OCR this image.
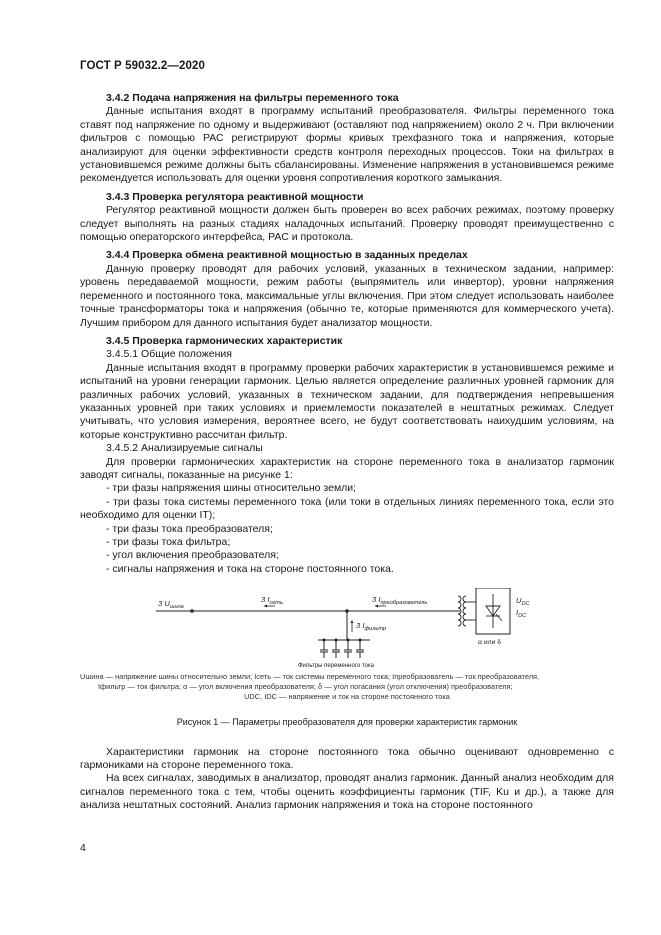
ГОСТ Р 59032.2—2020

3.4.2 Подача напряжения на фильтры переменного тока

Данные испытания входят в программу испытаний преобразователя. Фильтры переменного тока ставят под напряжение по одному и выдерживают (оставляют под напряжением) около 2 ч. При включении фильтров с помощью РАС регистрируют формы кривых трехфазного тока и напряжения, которые анализируют для оценки эффективности средств контроля переходных процессов. Токи на фильтрах в установившемся режиме должны быть сбалансированы. Изменение напряжения в установившемся режиме рекомендуется использовать для оценки уровня сопротивления короткого замыкания.

3.4.3 Проверка регулятора реактивной мощности

Регулятор реактивной мощности должен быть проверен во всех рабочих режимах, поэтому проверку следует выполнять на разных стадиях наладочных испытаний. Проверку проводят преимущественно с помощью операторского интерфейса, РАС и протокола.

3.4.4 Проверка обмена реактивной мощностью в заданных пределах

Данную проверку проводят для рабочих условий, указанных в техническом задании, например: уровень передаваемой мощности, режим работы (выпрямитель или инвертор), уровни напряжения переменного и постоянного тока, максимальные углы включения. При этом следует использовать наиболее точные трансформаторы тока и напряжения (обычно те, которые применяются для коммерческого учета). Лучшим прибором для данного испытания будет анализатор мощности.

3.4.5 Проверка гармонических характеристик

3.4.5.1 Общие положения

Данные испытания входят в программу проверки рабочих характеристик в установившемся режиме и испытаний на уровни генерации гармоник. Целью является определение различных уровней гармоник для различных рабочих условий, указанных в техническом задании, для подтверждения непревышения указанных уровней при таких условиях и приемлемости показателей в нештатных режимах. Следует учитывать, что условия измерения, вероятнее всего, не будут соответствовать наихудшим условиям, на которые конструктивно рассчитан фильтр.

3.4.5.2 Анализируемые сигналы

Для проверки гармонических характеристик на стороне переменного тока в анализатор гармоник заводят сигналы, показанные на рисунке 1:

- три фазы напряжения шины относительно земли;

- три фазы тока системы переменного тока (или токи в отдельных линиях переменного тока, если это необходимо для оценки IT);

- три фазы тока преобразователя;

- три фазы тока фильтра;

- угол включения преобразователя;

- сигналы напряжения и тока на стороне постоянного тока.

3 $U_{шина}$
3 $I_{сеть}$	3 $I_{преобразователь}$
3 $I_{фильтр}$
$U_{DC}$
$I_{DC}$
α или δ
Фильтры переменного тока

Uшина — напряжение шины относительно земли; Iсеть — ток системы переменного тока; Iпреобразователь — ток преобразователя,

Iфильтр — ток фильтра; α — угол включения преобразователя; δ — угол погасания (угол отключения) преобразователя;

UDC, IDC — напряжение и ток на стороне постоянного тока

Рисунок 1 — Параметры преобразователя для проверки характеристик гармоник

Характеристики гармоник на стороне постоянного тока обычно оценивают одновременно с гармониками на стороне переменного тока.

На всех сигналах, заводимых в анализатор, проводят анализ гармоник. Данный анализ необходим для сигналов переменного тока с тем, чтобы оценить коэффициенты гармоник (TIF, Ku и др.), а также для анализа нештатных состояний. Анализ гармоник напряжения и тока на стороне постоянного

4
